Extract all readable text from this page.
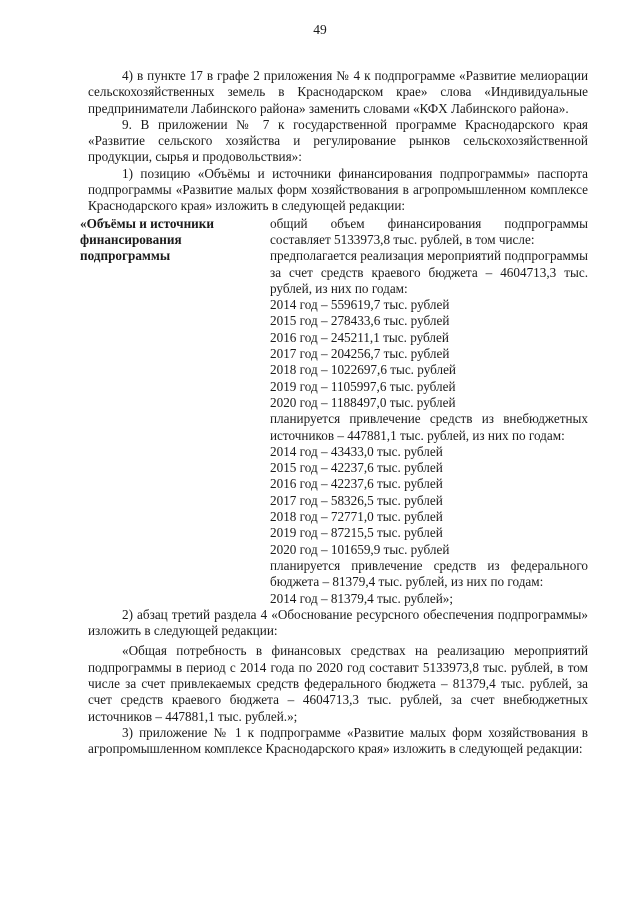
49

4) в пункте 17 в графе 2 приложения № 4 к подпрограмме «Развитие мелиорации сельскохозяйственных земель в Краснодарском крае» слова «Индивидуальные предприниматели Лабинского района» заменить словами «КФХ Лабинского района».

9. В приложении № 7 к государственной программе Краснодарского края «Развитие сельского хозяйства и регулирование рынков сельскохозяйственной продукции, сырья и продовольствия»:

1) позицию «Объёмы и источники финансирования подпрограммы» паспорта подпрограммы «Развитие малых форм хозяйствования в агропромышленном комплексе Краснодарского края» изложить в следующей редакции:

«Объёмы и источники финансирования подпрограммы
общий объем финансирования подпрограммы составляет 5133973,8 тыс. рублей, в том числе:
предполагается реализация мероприятий подпрограммы за счет средств краевого бюджета – 4604713,3 тыс. рублей, из них по годам:
2014 год – 559619,7 тыс. рублей
2015 год – 278433,6 тыс. рублей
2016 год – 245211,1 тыс. рублей
2017 год – 204256,7 тыс. рублей
2018 год – 1022697,6 тыс. рублей
2019 год – 1105997,6 тыс. рублей
2020 год – 1188497,0 тыс. рублей
планируется привлечение средств из внебюджетных источников – 447881,1 тыс. рублей, из них по годам:
2014 год – 43433,0 тыс. рублей
2015 год – 42237,6 тыс. рублей
2016 год – 42237,6 тыс. рублей
2017 год – 58326,5 тыс. рублей
2018 год – 72771,0 тыс. рублей
2019 год – 87215,5 тыс. рублей
2020 год – 101659,9 тыс. рублей
планируется привлечение средств из федерального бюджета – 81379,4 тыс. рублей, из них по годам:
2014 год – 81379,4 тыс. рублей»;

2) абзац третий раздела 4 «Обоснование ресурсного обеспечения подпрограммы» изложить в следующей редакции:

«Общая потребность в финансовых средствах на реализацию мероприятий подпрограммы в период с 2014 года по 2020 год составит 5133973,8 тыс. рублей, в том числе за счет привлекаемых средств федерального бюджета – 81379,4 тыс. рублей, за счет средств краевого бюджета – 4604713,3 тыс. рублей, за счет внебюджетных источников – 447881,1 тыс. рублей.»;

3) приложение № 1 к подпрограмме «Развитие малых форм хозяйствования в агропромышленном комплексе Краснодарского края» изложить в следующей редакции:
